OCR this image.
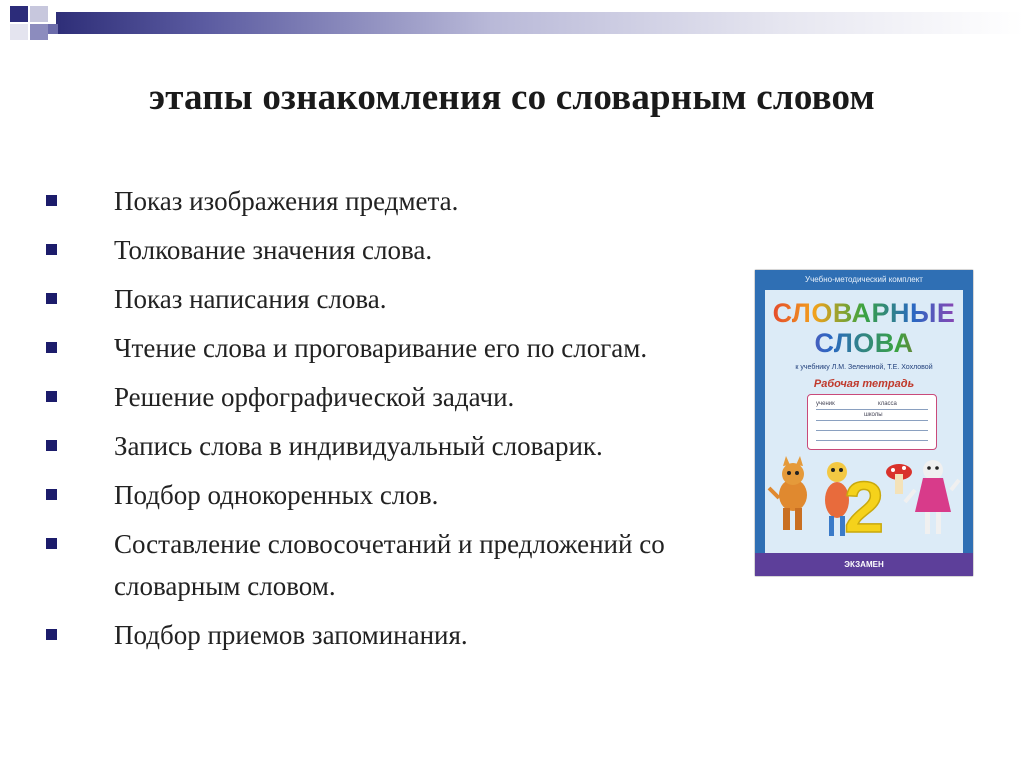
этапы ознакомления со словарным словом
Показ изображения предмета.
Толкование значения слова.
Показ написания слова.
Чтение слова и проговаривание его по слогам.
Решение орфографической задачи.
Запись слова в индивидуальный словарик.
Подбор однокоренных слов.
Составление словосочетаний и предложений со словарным словом.
Подбор приемов запоминания.
Учебно-методический комплект
СЛОВАРНЫЕ
СЛОВА
к учебнику Л.М. Зелениной, Т.Е. Хохловой
Рабочая тетрадь
ученик	класса
школы
2
ЭКЗАМЕН
